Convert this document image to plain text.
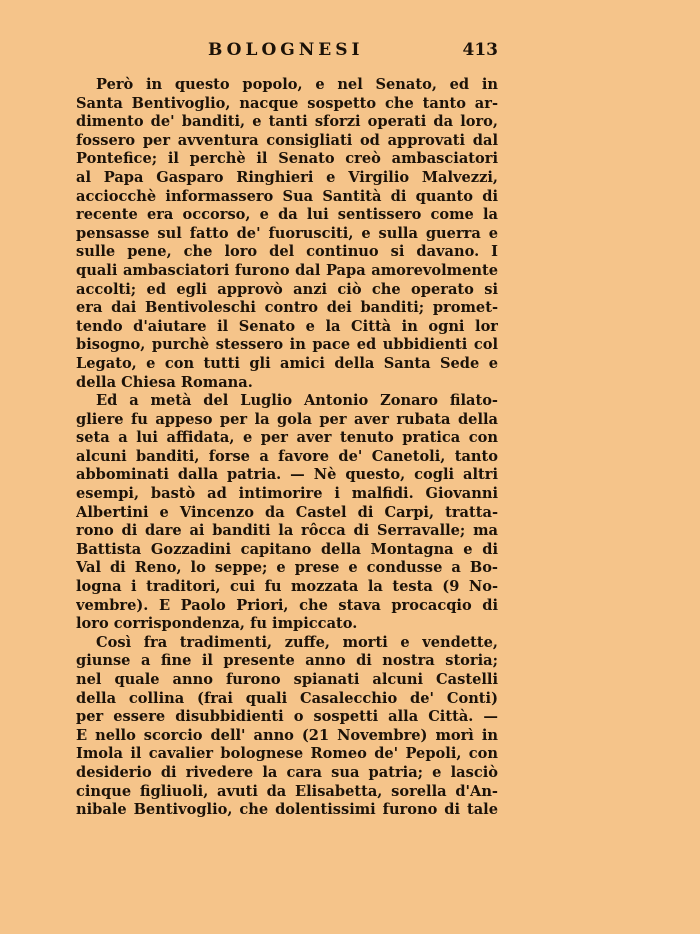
BOLOGNESI	413
Però in questo popolo, e nel Senato, ed in
Santa Bentivoglio, nacque sospetto che tanto ar-
dimento de' banditi, e tanti sforzi operati da loro,
fossero per avventura consigliati od approvati dal
Pontefice; il perchè il Senato creò ambasciatori
al Papa Gasparo Ringhieri e Virgilio Malvezzi,
acciocchè informassero Sua Santità di quanto di
recente era occorso, e da lui sentissero come la
pensasse sul fatto de' fuorusciti, e sulla guerra e
sulle pene, che loro del continuo si davano. I
quali ambasciatori furono dal Papa amorevolmente
accolti; ed egli approvò anzi ciò che operato si
era dai Bentivoleschi contro dei banditi; promet-
tendo d'aiutare il Senato e la Città in ogni lor
bisogno, purchè stessero in pace ed ubbidienti col
Legato, e con tutti gli amici della Santa Sede e
della Chiesa Romana.
Ed a metà del Luglio Antonio Zonaro filato-
gliere fu appeso per la gola per aver rubata della
seta a lui affidata, e per aver tenuto pratica con
alcuni banditi, forse a favore de' Canetoli, tanto
abbominati dalla patria. — Nè questo, cogli altri
esempi, bastò ad intimorire i malfidi. Giovanni
Albertini e Vincenzo da Castel di Carpi, tratta-
rono di dare ai banditi la rôcca di Serravalle; ma
Battista Gozzadini capitano della Montagna e di
Val di Reno, lo seppe; e prese e condusse a Bo-
logna i traditori, cui fu mozzata la testa (9 No-
vembre). E Paolo Priori, che stava procacqio di
loro corrispondenza, fu impiccato.
Così fra tradimenti, zuffe, morti e vendette,
giunse a fine il presente anno di nostra storia;
nel quale anno furono spianati alcuni Castelli
della collina (frai quali Casalecchio de' Conti)
per essere disubbidienti o sospetti alla Città. —
E nello scorcio dell' anno (21 Novembre) morì in
Imola il cavalier bolognese Romeo de' Pepoli, con
desiderio di rivedere la cara sua patria; e lasciò
cinque figliuoli, avuti da Elisabetta, sorella d'An-
nibale Bentivoglio, che dolentissimi furono di tale
